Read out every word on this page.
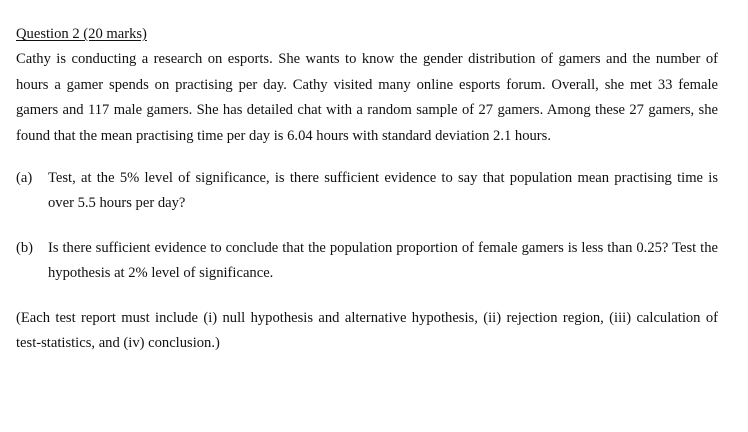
Question 2 (20 marks)

Cathy is conducting a research on esports. She wants to know the gender distribution of gamers and the number of hours a gamer spends on practising per day. Cathy visited many online esports forum. Overall, she met 33 female gamers and 117 male gamers. She has detailed chat with a random sample of 27 gamers. Among these 27 gamers, she found that the mean practising time per day is 6.04 hours with standard deviation 2.1 hours.

(a)	Test, at the 5% level of significance, is there sufficient evidence to say that population mean practising time is over 5.5 hours per day?
(b)	Is there sufficient evidence to conclude that the population proportion of female gamers is less than 0.25? Test the hypothesis at 2% level of significance.

(Each test report must include (i) null hypothesis and alternative hypothesis, (ii) rejection region, (iii) calculation of test-statistics, and (iv) conclusion.)
